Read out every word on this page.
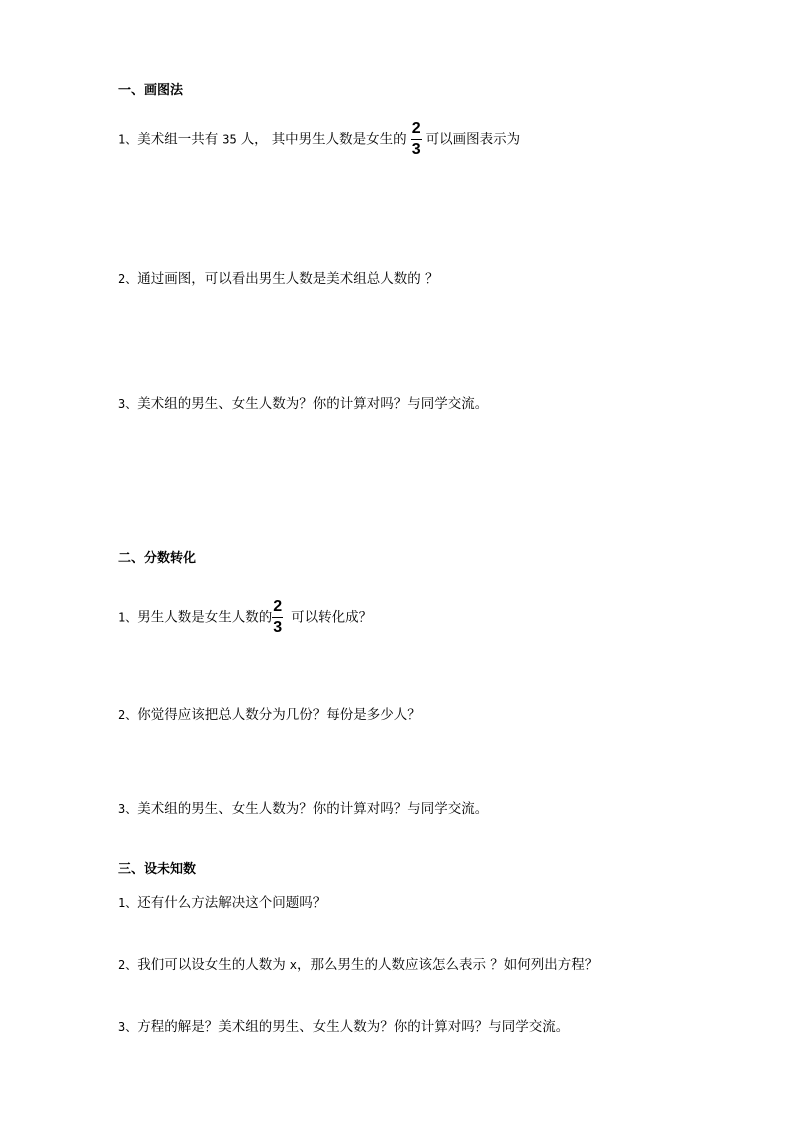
一、画图法
1、美术组一共有 35 人， 其中男生人数是女生的 $\frac{2}{3}$ 可以画图表示为
2、通过画图，可以看出男生人数是美术组总人数的 ？
3、美术组的男生、女生人数为？你的计算对吗？与同学交流。
二、分数转化
1、男生人数是女生人数的 $\frac{2}{3}$ 可以转化成？
2、你觉得应该把总人数分为几份？每份是多少人？
3、美术组的男生、女生人数为？你的计算对吗？与同学交流。
三、设未知数
1、还有什么方法解决这个问题吗？
2、我们可以设女生的人数为 x，那么男生的人数应该怎么表示 ？如何列出方程？
3、方程的解是？美术组的男生、女生人数为？你的计算对吗？与同学交流。
